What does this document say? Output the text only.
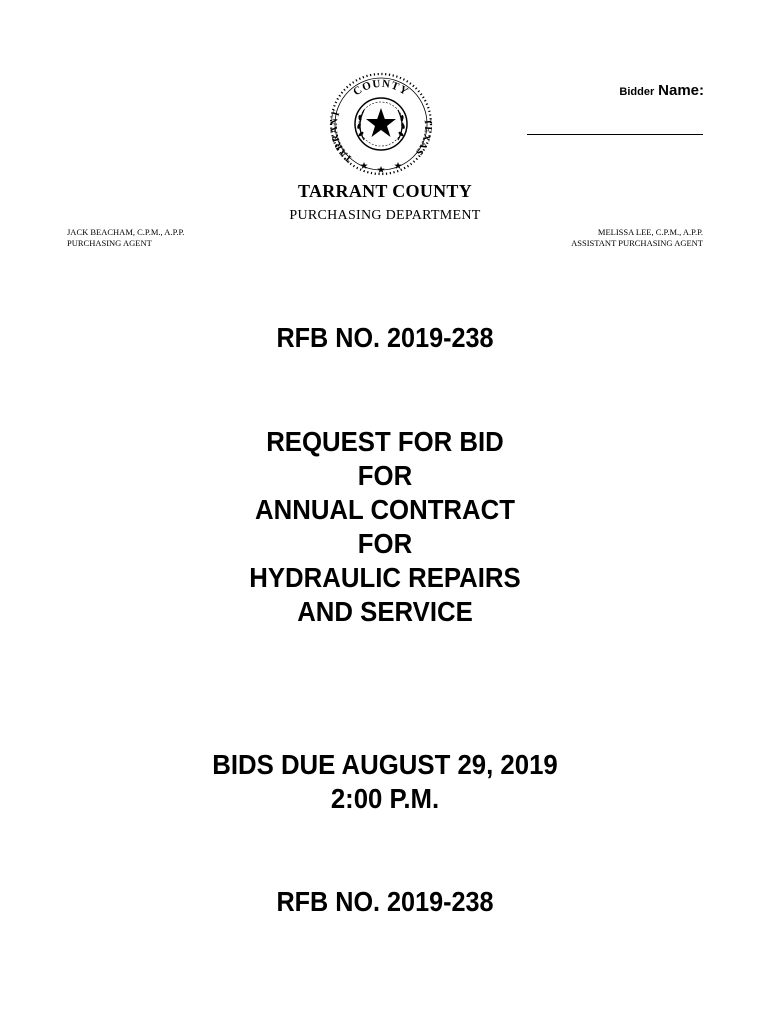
COUNTY
TARRANT
TEXAS
Bidder Name:
TARRANT COUNTY
PURCHASING DEPARTMENT
JACK BEACHAM, C.P.M., A.P.P.
PURCHASING AGENT
MELISSA LEE, C.P.M., A.P.P.
ASSISTANT PURCHASING AGENT
RFB NO. 2019-238
REQUEST FOR BID
FOR
ANNUAL CONTRACT
FOR
HYDRAULIC REPAIRS
AND SERVICE
BIDS DUE AUGUST 29, 2019
2:00 P.M.
RFB NO. 2019-238
